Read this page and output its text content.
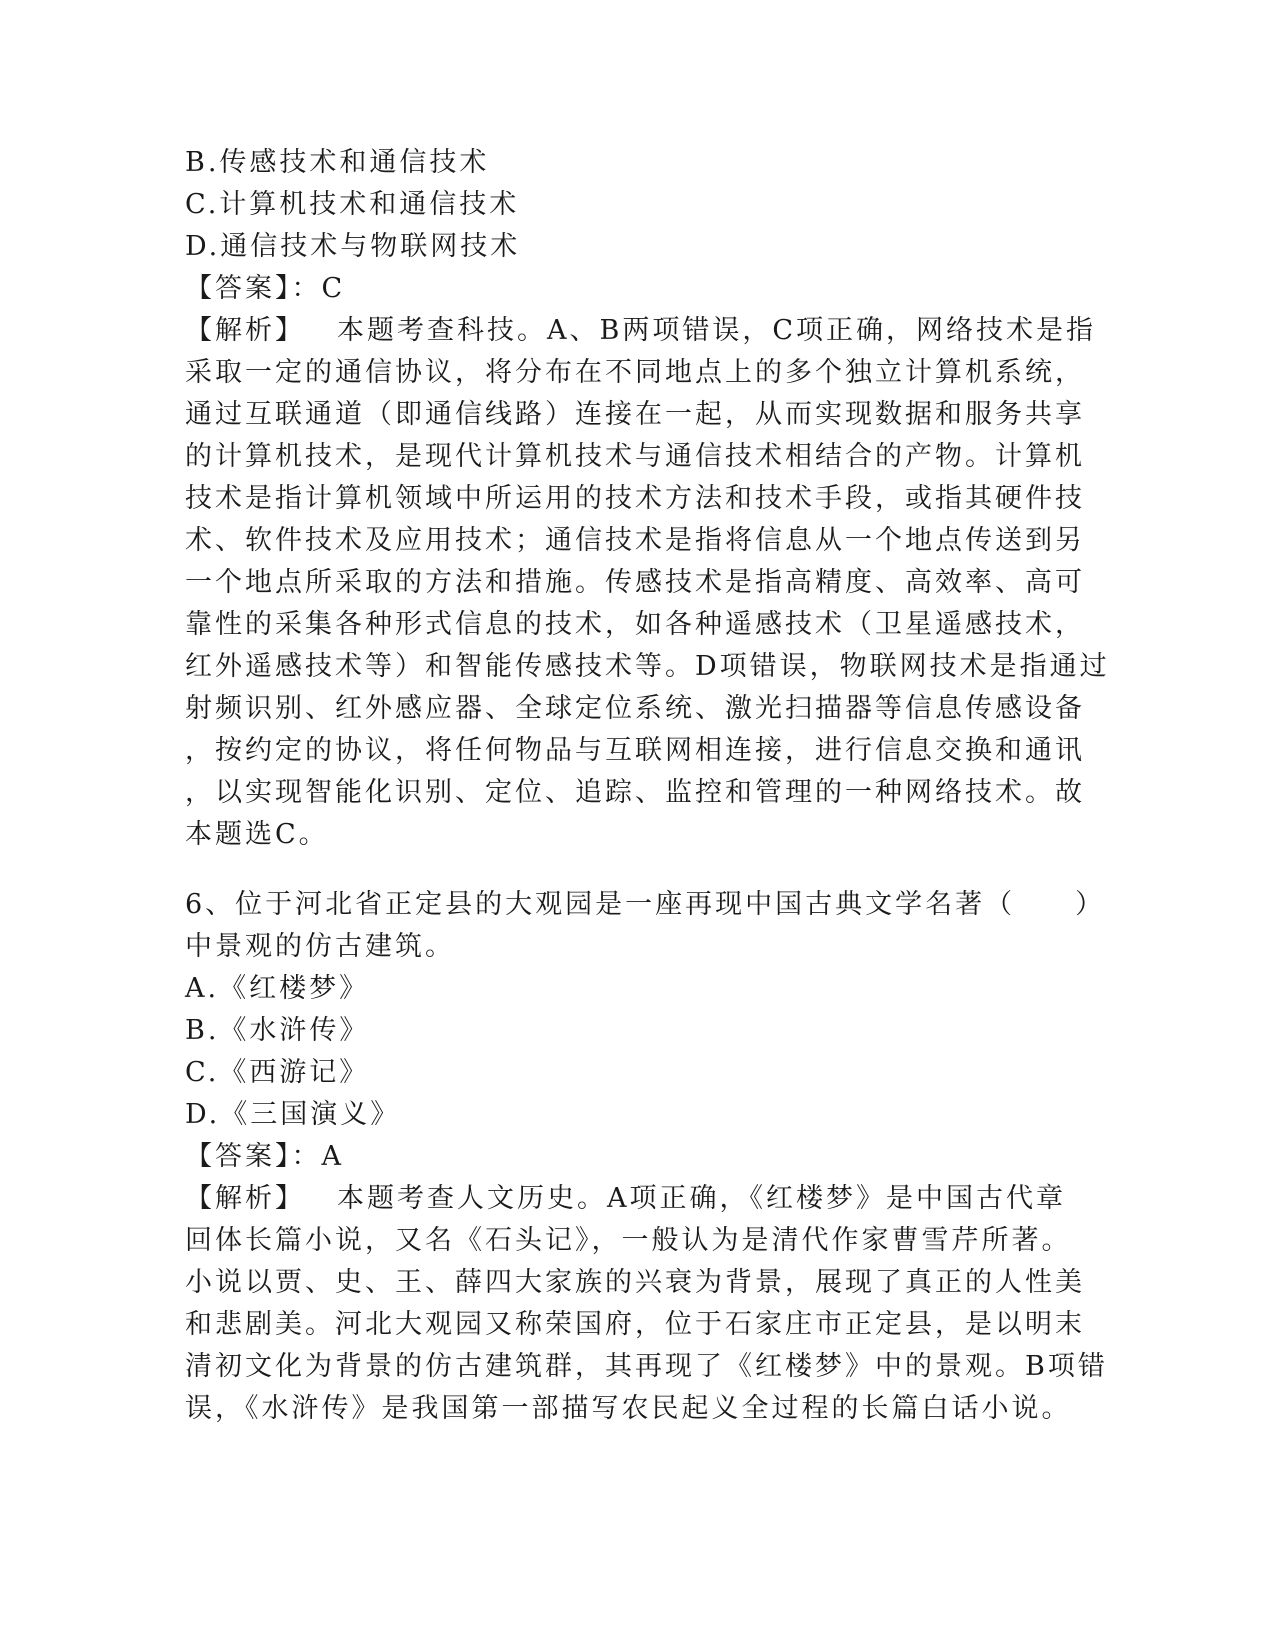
B.传感技术和通信技术
C.计算机技术和通信技术
D.通信技术与物联网技术
【答案】：C
【解析】 本题考查科技。A、B两项错误，C项正确，网络技术是指
采取一定的通信协议，将分布在不同地点上的多个独立计算机系统，
通过互联通道（即通信线路）连接在一起，从而实现数据和服务共享
的计算机技术，是现代计算机技术与通信技术相结合的产物。计算机
技术是指计算机领域中所运用的技术方法和技术手段，或指其硬件技
术、软件技术及应用技术；通信技术是指将信息从一个地点传送到另
一个地点所采取的方法和措施。传感技术是指高精度、高效率、高可
靠性的采集各种形式信息的技术，如各种遥感技术（卫星遥感技术，
红外遥感技术等）和智能传感技术等。D项错误，物联网技术是指通过
射频识别、红外感应器、全球定位系统、激光扫描器等信息传感设备
，按约定的协议，将任何物品与互联网相连接，进行信息交换和通讯
，以实现智能化识别、定位、追踪、监控和管理的一种网络技术。故
本题选C。
6、位于河北省正定县的大观园是一座再现中国古典文学名著（　　）
中景观的仿古建筑。
A.《红楼梦》
B.《水浒传》
C.《西游记》
D.《三国演义》
【答案】：A
【解析】 本题考查人文历史。A项正确，《红楼梦》是中国古代章
回体长篇小说，又名《石头记》，一般认为是清代作家曹雪芹所著。
小说以贾、史、王、薛四大家族的兴衰为背景，展现了真正的人性美
和悲剧美。河北大观园又称荣国府，位于石家庄市正定县，是以明末
清初文化为背景的仿古建筑群，其再现了《红楼梦》中的景观。B项错
误，《水浒传》是我国第一部描写农民起义全过程的长篇白话小说。
